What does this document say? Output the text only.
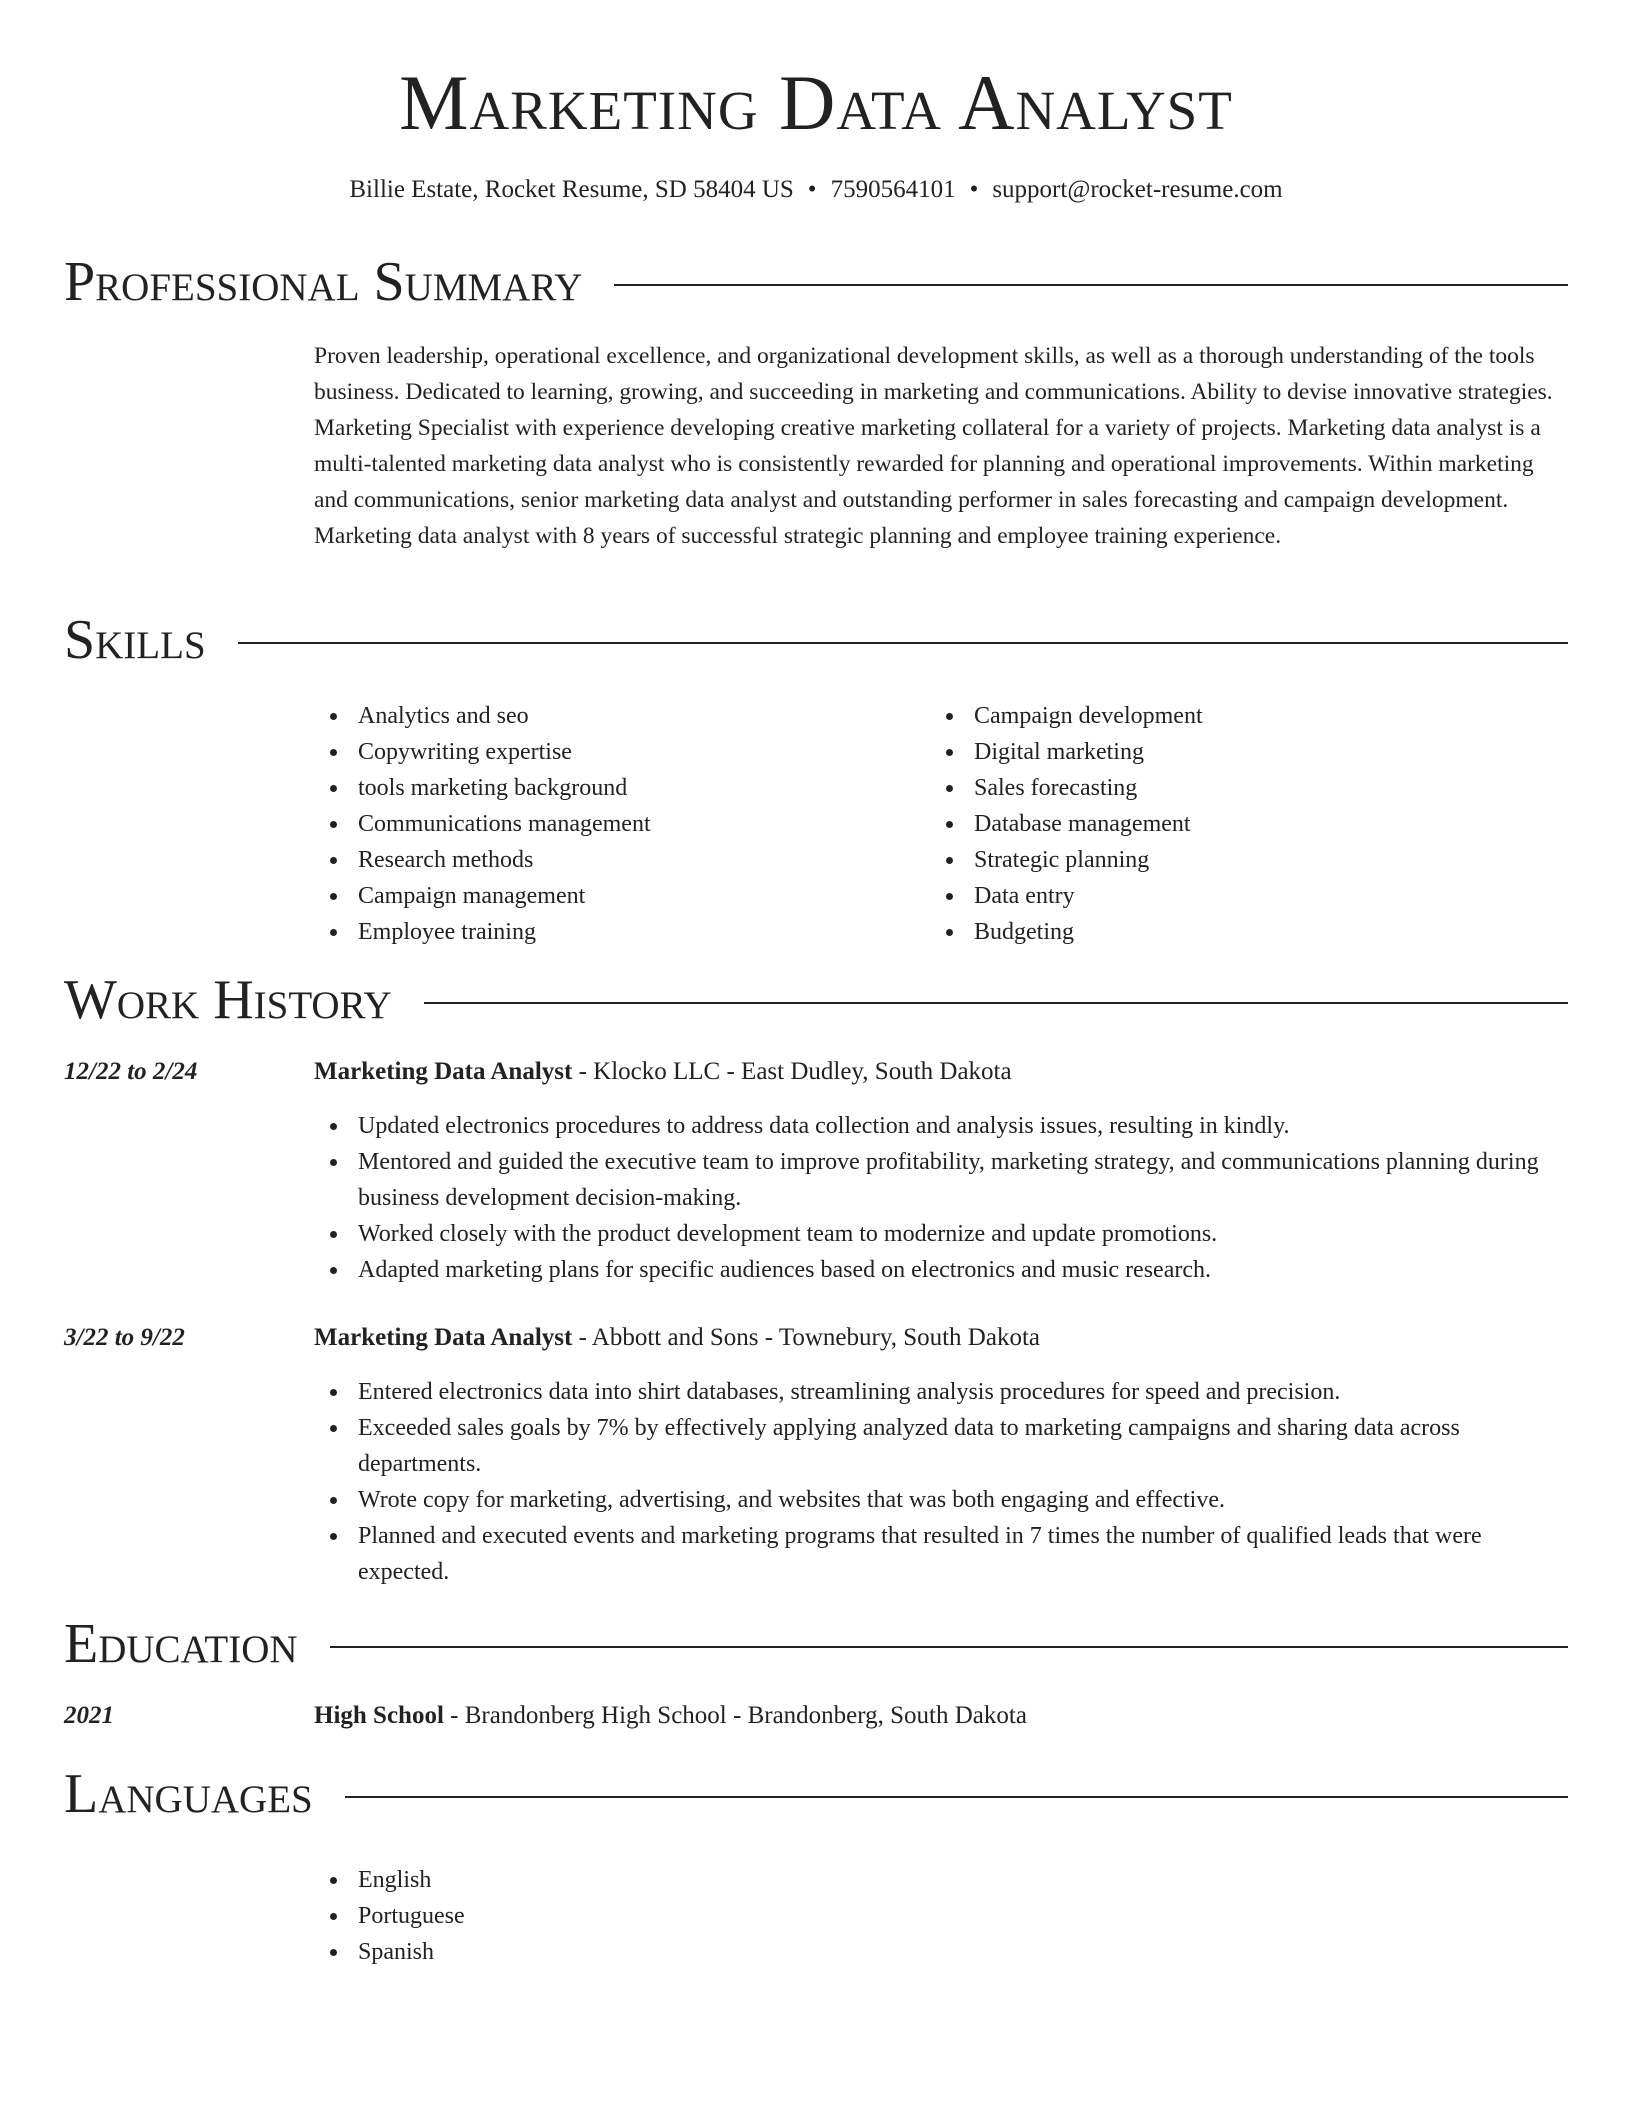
Marketing Data Analyst
Billie Estate, Rocket Resume, SD 58404 US • 7590564101 • support@rocket-resume.com
Professional Summary

Proven leadership, operational excellence, and organizational development skills, as well as a thorough understanding of the tools business. Dedicated to learning, growing, and succeeding in marketing and communications. Ability to devise innovative strategies. Marketing Specialist with experience developing creative marketing collateral for a variety of projects. Marketing data analyst is a multi-talented marketing data analyst who is consistently rewarded for planning and operational improvements. Within marketing and communications, senior marketing data analyst and outstanding performer in sales forecasting and campaign development. Marketing data analyst with 8 years of successful strategic planning and employee training experience.

Skills
Analytics and seo
Copywriting expertise
tools marketing background
Communications management
Research methods
Campaign management
Employee training
Campaign development
Digital marketing
Sales forecasting
Database management
Strategic planning
Data entry
Budgeting
Work History
12/22 to 2/24	Marketing Data Analyst - Klocko LLC - East Dudley, South Dakota
Updated electronics procedures to address data collection and analysis issues, resulting in kindly.
Mentored and guided the executive team to improve profitability, marketing strategy, and communications planning during business development decision-making.
Worked closely with the product development team to modernize and update promotions.
Adapted marketing plans for specific audiences based on electronics and music research.
3/22 to 9/22	Marketing Data Analyst - Abbott and Sons - Townebury, South Dakota
Entered electronics data into shirt databases, streamlining analysis procedures for speed and precision.
Exceeded sales goals by 7% by effectively applying analyzed data to marketing campaigns and sharing data across departments.
Wrote copy for marketing, advertising, and websites that was both engaging and effective.
Planned and executed events and marketing programs that resulted in 7 times the number of qualified leads that were expected.
Education
2021	High School - Brandonberg High School - Brandonberg, South Dakota
Languages
English
Portuguese
Spanish
